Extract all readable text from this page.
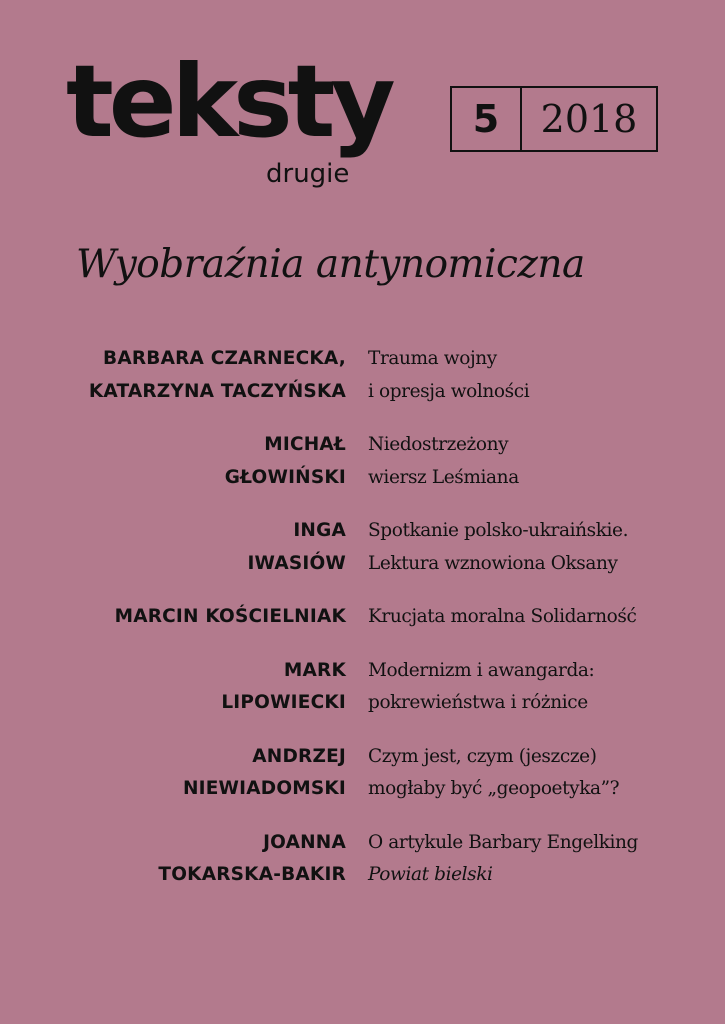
teksty
drugie
5	2018
Wyobraźnia antynomiczna
BARBARA CZARNECKA,
KATARZYNA TACZYŃSKA
Trauma wojny
i opresja wolności
MICHAŁ
GŁOWIŃSKI
Niedostrzeżony
wiersz Leśmiana
INGA
IWASIÓW
Spotkanie polsko-ukraińskie.
Lektura wznowiona Oksany
MARCIN KOŚCIELNIAK Krucjata moralna Solidarność
MARK
LIPOWIECKI
Modernizm i awangarda:
pokrewieństwa i różnice
ANDRZEJ
NIEWIADOMSKI
Czym jest, czym (jeszcze)
mogłaby być „geopoetyka”?
JOANNA
TOKARSKA-BAKIR
O artykule Barbary Engelking
Powiat bielski
